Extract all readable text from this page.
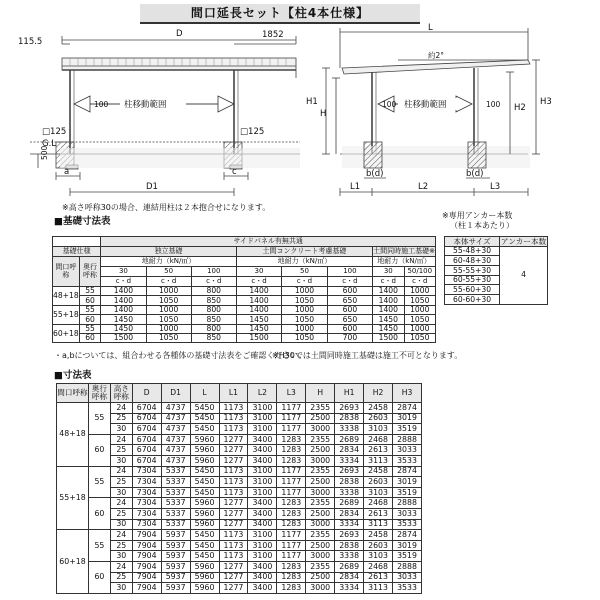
間口延長セット【柱4本仕様】
D
115.5
1852
100 柱移動範囲
□125	□125
G.L
500
a	c
D1
L
約2°
H
H1
H2
H3
100 柱移動範囲	100
b(d)	b(d)
L1	L2	L3
※高さ呼称30の場合、連結用柱は２本抱合せになります。
■基礎寸法表
※専用アンカー本数
（柱１本あたり）
		サイドパネル有無共通							
基礎仕様		独立基礎			土間コンクリート考慮基礎			土間同時施工基礎※	
間口呼称	奥行呼称	地耐力（kN/㎡）			地耐力（kN/㎡）			地耐力（kN/㎡）	
		30	50	100	30	50	100	30	50/100
		c・d	c・d	c・d	c・d	c・d	c・d	c・d	c・d
48+18	55	1400	1000	800	1400	1000	600	1400	1000
	60	1400	1050	850	1400	1050	650	1400	1050
55+18	55	1400	1000	800	1400	1000	600	1400	1000
	60	1450	1050	850	1450	1050	650	1450	1050
60+18	55	1450	1000	800	1450	1000	600	1450	1000
	60	1500	1050	850	1500	1050	700	1500	1050
本体サイズ	アンカー本数
55-48+30	4
60-48+30	
55-55+30	
60-55+30	
55-60+30	
60-60+30	
・a,bについては、組合わせる各種体の基礎寸法表をご確認ください。
※H30では土間同時施工基礎は施工不可となります。
■寸法表
間口呼称	奥行呼称	高さ呼称	D	D1	L	L1	L2	L3	H	H1	H2	H3
48+18	55	24	6704	4737	5450	1173	3100	1177	2355	2693	2458	2874
		25	6704	4737	5450	1173	3100	1177	2500	2838	2603	3019
		30	6704	4737	5450	1173	3100	1177	3000	3338	3103	3519
	60	24	6704	4737	5960	1277	3400	1283	2355	2689	2468	2888
		25	6704	4737	5960	1277	3400	1283	2500	2834	2613	3033
		30	6704	4737	5960	1277	3400	1283	3000	3334	3113	3533
55+18	55	24	7304	5337	5450	1173	3100	1177	2355	2693	2458	2874
		25	7304	5337	5450	1173	3100	1177	2500	2838	2603	3019
		30	7304	5337	5450	1173	3100	1177	3000	3338	3103	3519
	60	24	7304	5337	5960	1277	3400	1283	2355	2689	2468	2888
		25	7304	5337	5960	1277	3400	1283	2500	2834	2613	3033
		30	7304	5337	5960	1277	3400	1283	3000	3334	3113	3533
60+18	55	24	7904	5937	5450	1173	3100	1177	2355	2693	2458	2874
		25	7904	5937	5450	1173	3100	1177	2500	2838	2603	3019
		30	7904	5937	5450	1173	3100	1177	3000	3338	3103	3519
	60	24	7904	5937	5960	1277	3400	1283	2355	2689	2468	2888
		25	7904	5937	5960	1277	3400	1283	2500	2834	2613	3033
		30	7904	5937	5960	1277	3400	1283	3000	3334	3113	3533
